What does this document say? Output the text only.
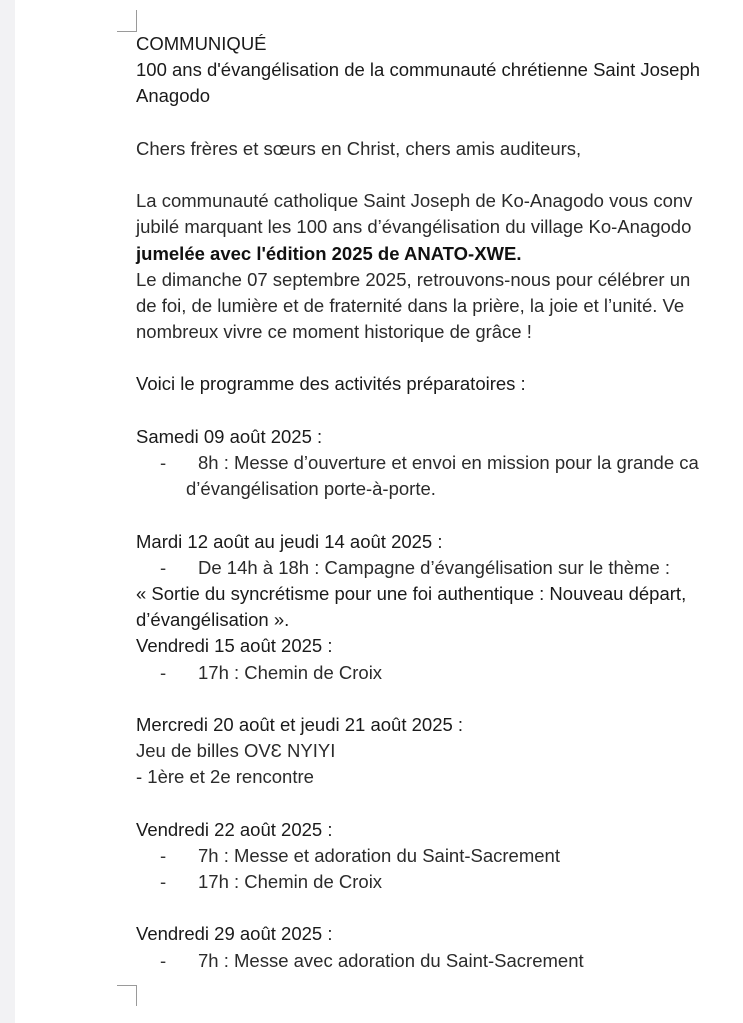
COMMUNIQUÉ
100 ans d'évangélisation de la communauté chrétienne Saint Joseph
Anagodo
Chers frères et sœurs en Christ, chers amis auditeurs,
La communauté catholique Saint Joseph de Ko-Anagodo vous conv
jubilé marquant les 100 ans d’évangélisation du village Ko-Anagodo
jumelée avec l'édition 2025 de ANATO-XWE.
Le dimanche 07 septembre 2025, retrouvons-nous pour célébrer un
de foi, de lumière et de fraternité dans la prière, la joie et l’unité. Ve
nombreux vivre ce moment historique de grâce !
Voici le programme des activités préparatoires :
Samedi 09 août 2025 :
- 8h : Messe d’ouverture et envoi en mission pour la grande ca
d’évangélisation porte-à-porte.
Mardi 12 août au jeudi 14 août 2025 :
- De 14h à 18h : Campagne d’évangélisation sur le thème :
« Sortie du syncrétisme pour une foi authentique : Nouveau départ,
d’évangélisation ».
Vendredi 15 août 2025 :
- 17h : Chemin de Croix
Mercredi 20 août et jeudi 21 août 2025 :
Jeu de billes OVƐ NYIYI
- 1ère et 2e rencontre
Vendredi 22 août 2025 :
- 7h : Messe et adoration du Saint-Sacrement
- 17h : Chemin de Croix
Vendredi 29 août 2025 :
- 7h : Messe avec adoration du Saint-Sacrement
